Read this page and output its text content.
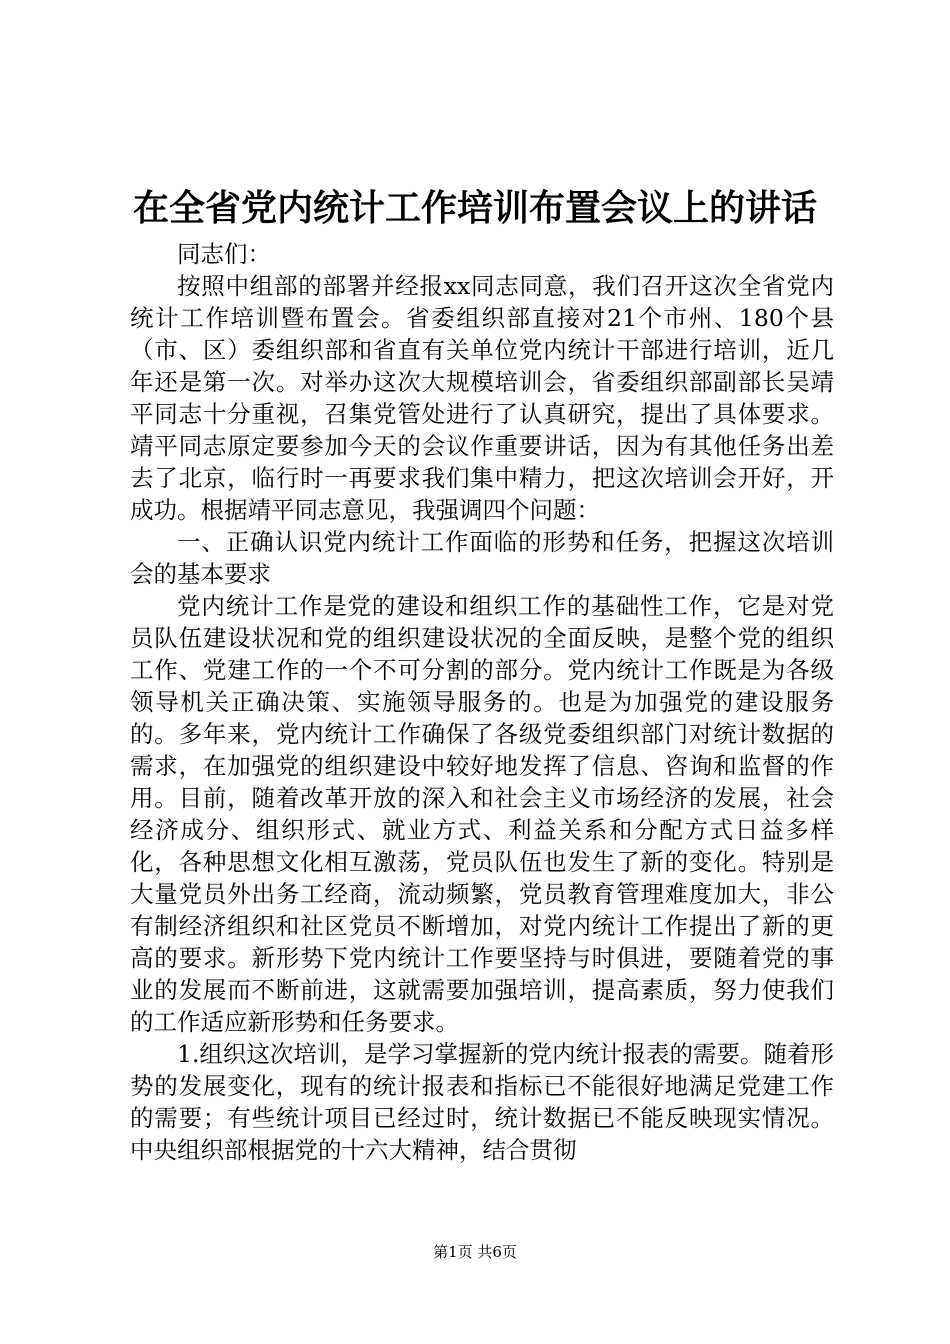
在全省党内统计工作培训布置会议上的讲话

同志们：

按照中组部的部署并经报xx同志同意，我们召开这次全省党内统计工作培训暨布置会。省委组织部直接对21个市州、180个县（市、区）委组织部和省直有关单位党内统计干部进行培训，近几年还是第一次。对举办这次大规模培训会，省委组织部副部长吴靖平同志十分重视，召集党管处进行了认真研究，提出了具体要求。靖平同志原定要参加今天的会议作重要讲话，因为有其他任务出差去了北京，临行时一再要求我们集中精力，把这次培训会开好，开成功。根据靖平同志意见，我强调四个问题：

一、正确认识党内统计工作面临的形势和任务，把握这次培训会的基本要求

党内统计工作是党的建设和组织工作的基础性工作，它是对党员队伍建设状况和党的组织建设状况的全面反映，是整个党的组织工作、党建工作的一个不可分割的部分。党内统计工作既是为各级领导机关正确决策、实施领导服务的。也是为加强党的建设服务的。多年来，党内统计工作确保了各级党委组织部门对统计数据的需求，在加强党的组织建设中较好地发挥了信息、咨询和监督的作用。目前，随着改革开放的深入和社会主义市场经济的发展，社会经济成分、组织形式、就业方式、利益关系和分配方式日益多样化，各种思想文化相互激荡，党员队伍也发生了新的变化。特别是大量党员外出务工经商，流动频繁，党员教育管理难度加大，非公有制经济组织和社区党员不断增加，对党内统计工作提出了新的更高的要求。新形势下党内统计工作要坚持与时俱进，要随着党的事业的发展而不断前进，这就需要加强培训，提高素质，努力使我们的工作适应新形势和任务要求。

1.组织这次培训，是学习掌握新的党内统计报表的需要。随着形势的发展变化，现有的统计报表和指标已不能很好地满足党建工作的需要；有些统计项目已经过时，统计数据已不能反映现实情况。中央组织部根据党的十六大精神，结合贯彻

第1页 共6页
